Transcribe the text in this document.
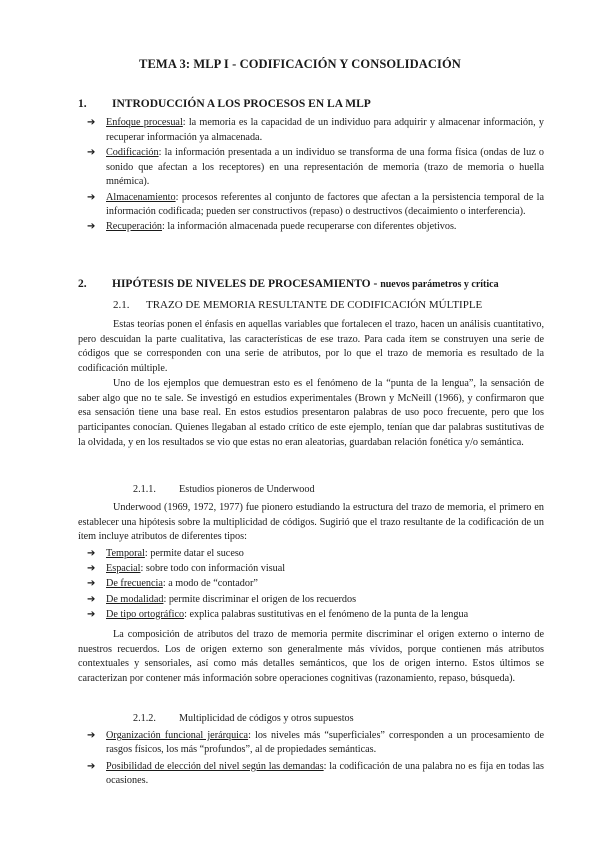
TEMA 3: MLP I - CODIFICACIÓN Y CONSOLIDACIÓN
1. INTRODUCCIÓN A LOS PROCESOS EN LA MLP
➔ Enfoque procesual: la memoria es la capacidad de un individuo para adquirir y almacenar información, y recuperar información ya almacenada.
➔ Codificación: la información presentada a un individuo se transforma de una forma física (ondas de luz o sonido que afectan a los receptores) en una representación de memoria (trazo de memoria o huella mnémica).
➔ Almacenamiento: procesos referentes al conjunto de factores que afectan a la persistencia temporal de la información codificada; pueden ser constructivos (repaso) o destructivos (decaimiento o interferencia).
➔ Recuperación: la información almacenada puede recuperarse con diferentes objetivos.
2. HIPÓTESIS DE NIVELES DE PROCESAMIENTO - nuevos parámetros y crítica
2.1. TRAZO DE MEMORIA RESULTANTE DE CODIFICACIÓN MÚLTIPLE

Estas teorías ponen el énfasis en aquellas variables que fortalecen el trazo, hacen un análisis cuantitativo, pero descuidan la parte cualitativa, las características de ese trazo. Para cada ítem se construyen una serie de códigos que se corresponden con una serie de atributos, por lo que el trazo de memoria es resultado de la codificación múltiple.

Uno de los ejemplos que demuestran esto es el fenómeno de la “punta de la lengua”, la sensación de saber algo que no te sale. Se investigó en estudios experimentales (Brown y McNeill (1966), y confirmaron que esa sensación tiene una base real. En estos estudios presentaron palabras de uso poco frecuente, pero que los participantes conocían. Quienes llegaban al estado crítico de este ejemplo, tenían que dar palabras sustitutivas de la olvidada, y en los resultados se vio que estas no eran aleatorias, guardaban relación fonética y/o semántica.

2.1.1. Estudios pioneros de Underwood

Underwood (1969, 1972, 1977) fue pionero estudiando la estructura del trazo de memoria, el primero en establecer una hipótesis sobre la multiplicidad de códigos. Sugirió que el trazo resultante de la codificación de un ítem incluye atributos de diferentes tipos:

➔ Temporal: permite datar el suceso
➔ Espacial: sobre todo con información visual
➔ De frecuencia: a modo de “contador”
➔ De modalidad: permite discriminar el origen de los recuerdos
➔ De tipo ortográfico: explica palabras sustitutivas en el fenómeno de la punta de la lengua

La composición de atributos del trazo de memoria permite discriminar el origen externo o interno de nuestros recuerdos. Los de origen externo son generalmente más vívidos, porque contienen más atributos contextuales y sensoriales, así como más detalles semánticos, que los de origen interno. Estos últimos se caracterizan por contener más información sobre operaciones cognitivas (razonamiento, repaso, búsqueda).

2.1.2. Multiplicidad de códigos y otros supuestos
➔ Organización funcional jerárquica: los niveles más “superficiales” corresponden a un procesamiento de rasgos físicos, los más “profundos”, al de propiedades semánticas.
➔ Posibilidad de elección del nivel según las demandas: la codificación de una palabra no es fija en todas las ocasiones.
